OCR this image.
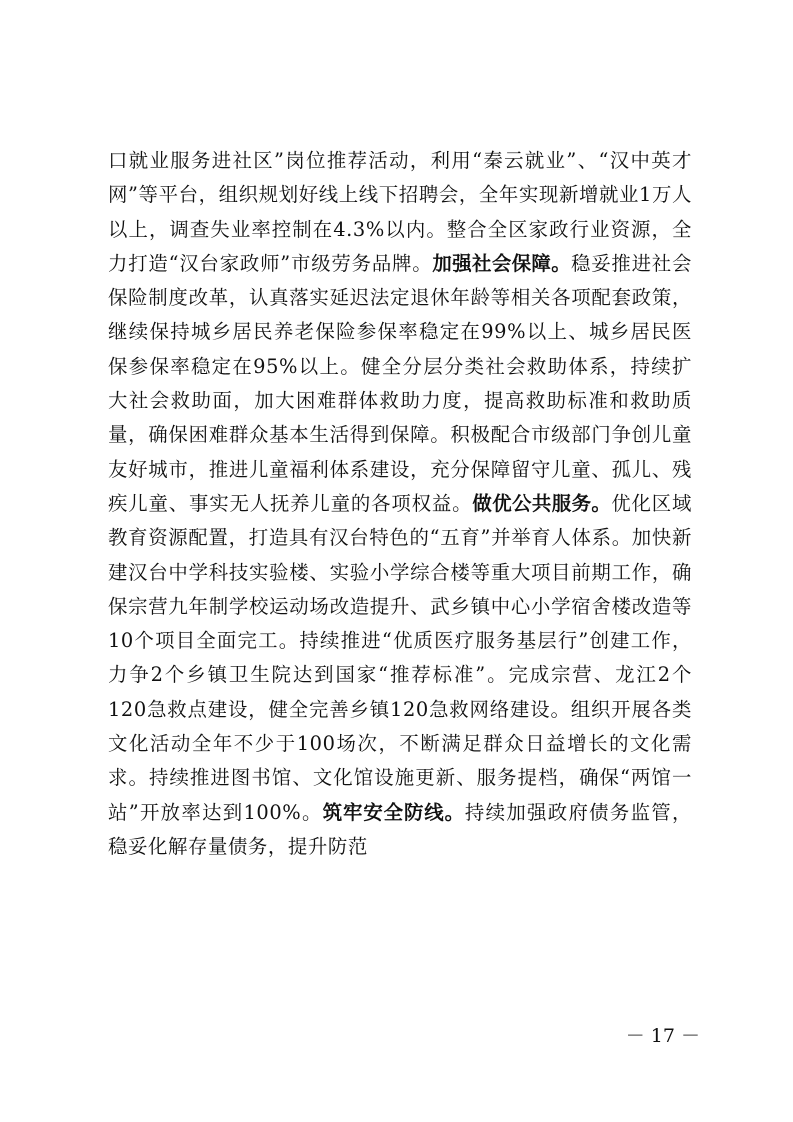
口就业服务进社区”岗位推荐活动，利用“秦云就业”、“汉中英才网”等平台，组织规划好线上线下招聘会，全年实现新增就业1万人以上，调查失业率控制在4.3%以内。整合全区家政行业资源，全力打造“汉台家政师”市级劳务品牌。加强社会保障。稳妥推进社会保险制度改革，认真落实延迟法定退休年龄等相关各项配套政策，继续保持城乡居民养老保险参保率稳定在99%以上、城乡居民医保参保率稳定在95%以上。健全分层分类社会救助体系，持续扩大社会救助面，加大困难群体救助力度，提高救助标准和救助质量，确保困难群众基本生活得到保障。积极配合市级部门争创儿童友好城市，推进儿童福利体系建设，充分保障留守儿童、孤儿、残疾儿童、事实无人抚养儿童的各项权益。做优公共服务。优化区域教育资源配置，打造具有汉台特色的“五育”并举育人体系。加快新建汉台中学科技实验楼、实验小学综合楼等重大项目前期工作，确保宗营九年制学校运动场改造提升、武乡镇中心小学宿舍楼改造等10个项目全面完工。持续推进“优质医疗服务基层行”创建工作，力争2个乡镇卫生院达到国家“推荐标准”。完成宗营、龙江2个120急救点建设，健全完善乡镇120急救网络建设。组织开展各类文化活动全年不少于100场次，不断满足群众日益增长的文化需求。持续推进图书馆、文化馆设施更新、服务提档，确保“两馆一站”开放率达到100%。筑牢安全防线。持续加强政府债务监管，稳妥化解存量债务，提升防范

－ 17 －
